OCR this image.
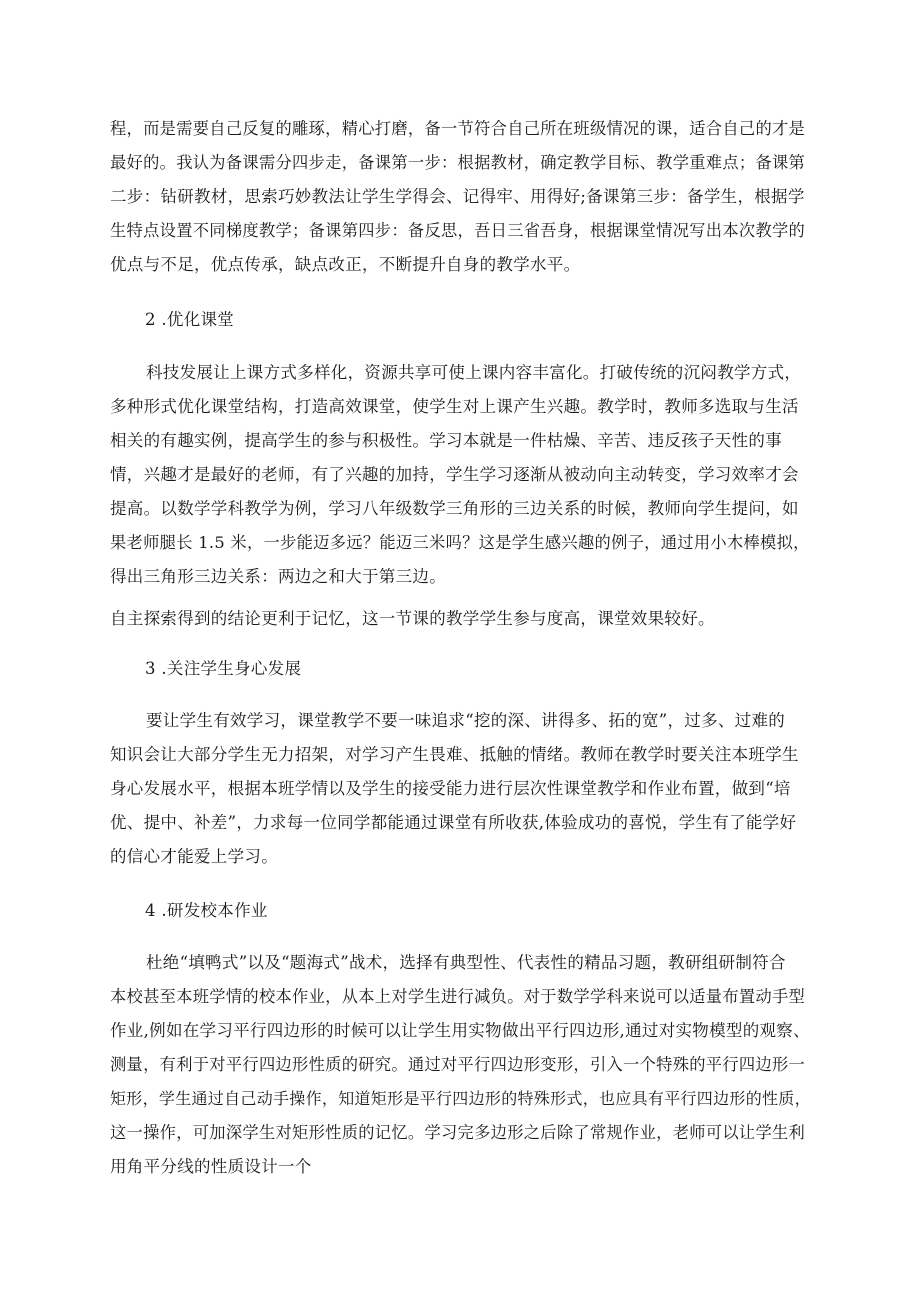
程，而是需要自己反复的雕琢，精心打磨，备一节符合自己所在班级情况的课，适合自己的才是

最好的。我认为备课需分四步走，备课第一步：根据教材，确定教学目标、教学重难点；备课第

二步：钻研教材，思索巧妙教法让学生学得会、记得牢、用得好;备课第三步：备学生，根据学

生特点设置不同梯度教学；备课第四步：备反思，吾日三省吾身，根据课堂情况写出本次教学的

优点与不足，优点传承，缺点改正，不断提升自身的教学水平。

2 .优化课堂

科技发展让上课方式多样化，资源共享可使上课内容丰富化。打破传统的沉闷教学方式，

多种形式优化课堂结构，打造高效课堂，使学生对上课产生兴趣。教学时，教师多选取与生活

相关的有趣实例，提高学生的参与积极性。学习本就是一件枯燥、辛苦、违反孩子天性的事

情，兴趣才是最好的老师，有了兴趣的加持，学生学习逐渐从被动向主动转变，学习效率才会

提高。以数学学科教学为例，学习八年级数学三角形的三边关系的时候，教师向学生提问，如

果老师腿长 1.5 米，一步能迈多远？能迈三米吗？这是学生感兴趣的例子，通过用小木棒模拟，

得出三角形三边关系：两边之和大于第三边。

自主探索得到的结论更利于记忆，这一节课的教学学生参与度高，课堂效果较好。

3 .关注学生身心发展

要让学生有效学习，课堂教学不要一味追求“挖的深、讲得多、拓的宽”，过多、过难的

知识会让大部分学生无力招架，对学习产生畏难、抵触的情绪。教师在教学时要关注本班学生

身心发展水平，根据本班学情以及学生的接受能力进行层次性课堂教学和作业布置，做到“培

优、提中、补差”，力求每一位同学都能通过课堂有所收获,体验成功的喜悦，学生有了能学好

的信心才能爱上学习。

4 .研发校本作业

杜绝“填鸭式”以及“题海式”战术，选择有典型性、代表性的精品习题，教研组研制符合

本校甚至本班学情的校本作业，从本上对学生进行减负。对于数学学科来说可以适量布置动手型

作业,例如在学习平行四边形的时候可以让学生用实物做出平行四边形,通过对实物模型的观察、

测量，有利于对平行四边形性质的研究。通过对平行四边形变形，引入一个特殊的平行四边形一

矩形，学生通过自己动手操作，知道矩形是平行四边形的特殊形式，也应具有平行四边形的性质，

这一操作，可加深学生对矩形性质的记忆。学习完多边形之后除了常规作业，老师可以让学生利

用角平分线的性质设计一个
